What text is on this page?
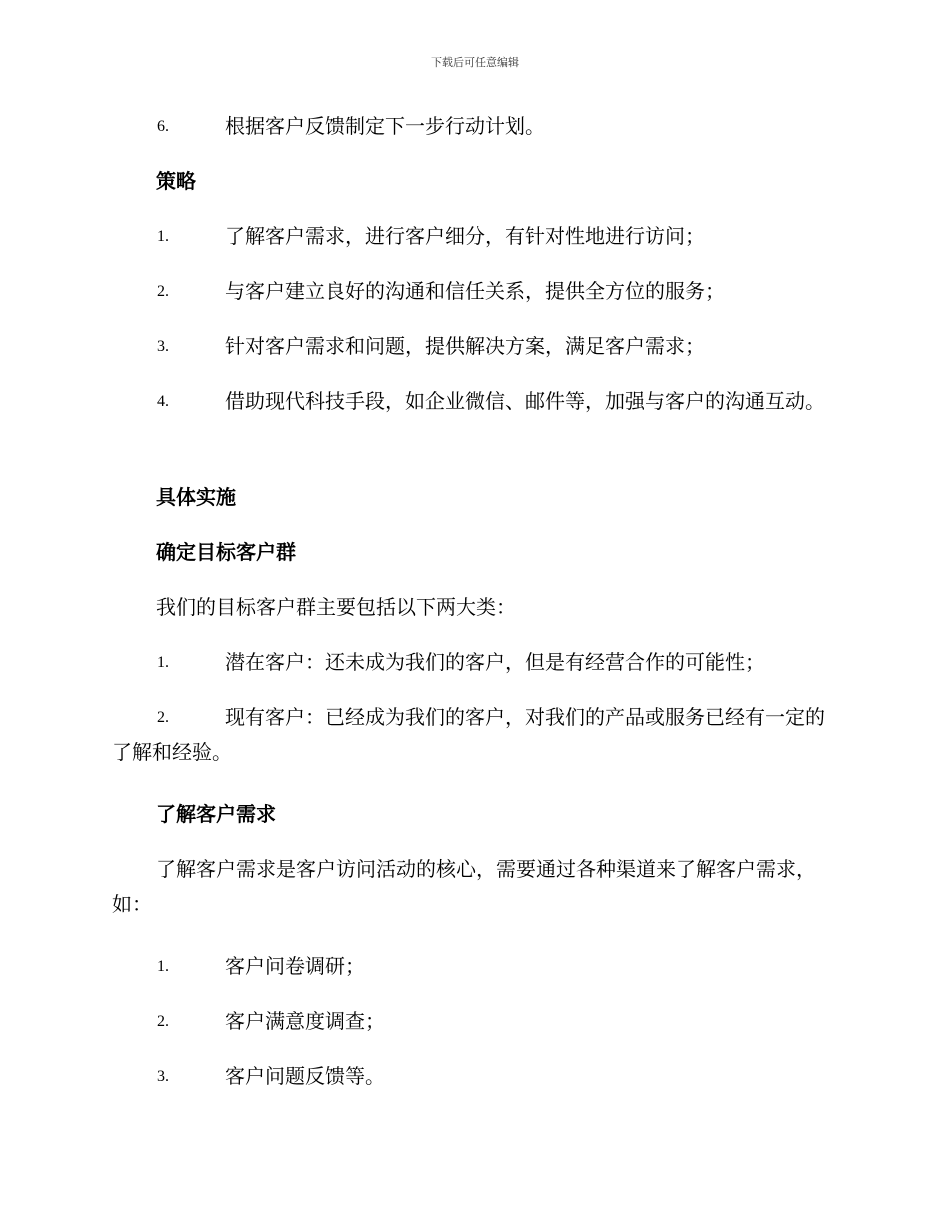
下载后可任意编辑
6.	根据客户反馈制定下一步行动计划。
策略
1.	了解客户需求，进行客户细分，有针对性地进行访问；
2.	与客户建立良好的沟通和信任关系，提供全方位的服务；
3.	针对客户需求和问题，提供解决方案，满足客户需求；
4.	借助现代科技手段，如企业微信、邮件等，加强与客户的沟通互动。
具体实施
确定目标客户群
我们的目标客户群主要包括以下两大类：
1.	潜在客户：还未成为我们的客户，但是有经营合作的可能性；
2.	现有客户：已经成为我们的客户，对我们的产品或服务已经有一定的了解和经验。
了解客户需求
了解客户需求是客户访问活动的核心，需要通过各种渠道来了解客户需求，如：
1.	客户问卷调研；
2.	客户满意度调查；
3.	客户问题反馈等。
